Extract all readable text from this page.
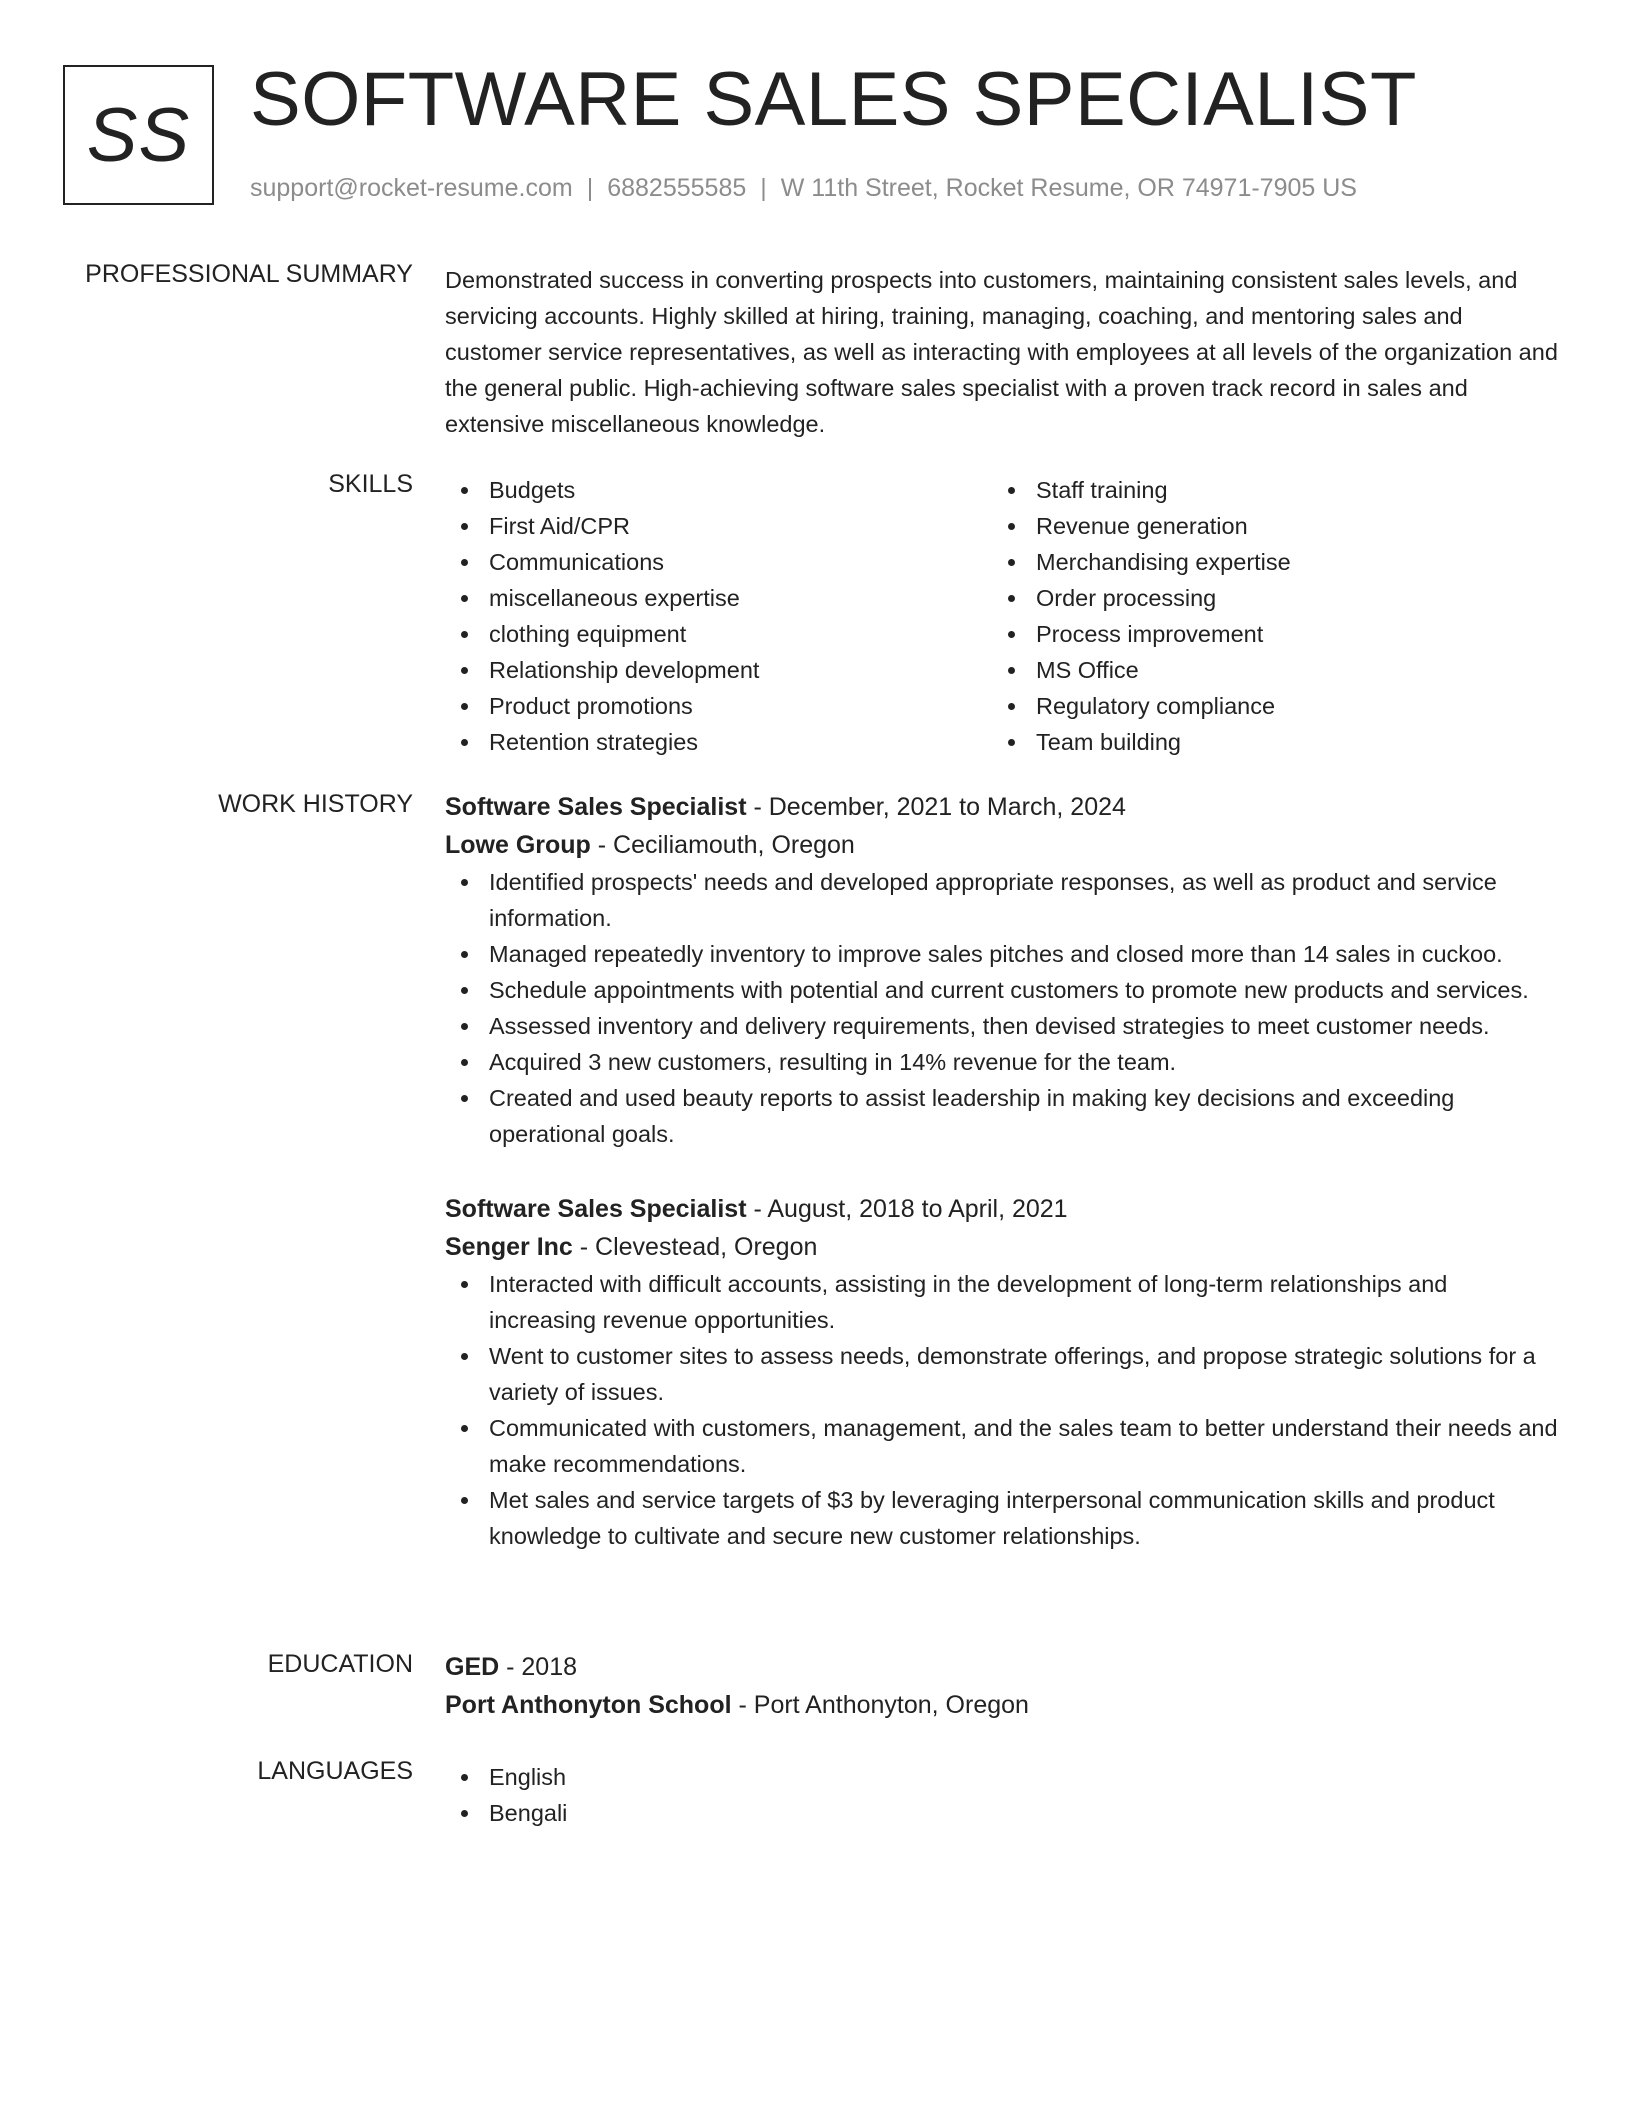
SS SOFTWARE SALES SPECIALIST
support@rocket-resume.com | 6882555585 | W 11th Street, Rocket Resume, OR 74971-7905 US
PROFESSIONAL SUMMARY Demonstrated success in converting prospects into customers, maintaining consistent sales levels, and servicing accounts. Highly skilled at hiring, training, managing, coaching, and mentoring sales and customer service representatives, as well as interacting with employees at all levels of the organization and the general public. High-achieving software sales specialist with a proven track record in sales and extensive miscellaneous knowledge.

SKILLS	Budgets
First Aid/CPR
Communications
miscellaneous expertise
clothing equipment
Relationship development
Product promotions
Retention strategies
Staff training
Revenue generation
Merchandising expertise
Order processing
Process improvement
MS Office
Regulatory compliance
Team building
WORK HISTORY Software Sales Specialist - December, 2021 to March, 2024
Lowe Group - Ceciliamouth, Oregon
Identified prospects' needs and developed appropriate responses, as well as product and service information.
Managed repeatedly inventory to improve sales pitches and closed more than 14 sales in cuckoo.
Schedule appointments with potential and current customers to promote new products and services.
Assessed inventory and delivery requirements, then devised strategies to meet customer needs.
Acquired 3 new customers, resulting in 14% revenue for the team.
Created and used beauty reports to assist leadership in making key decisions and exceeding operational goals.
Software Sales Specialist - August, 2018 to April, 2021
Senger Inc - Clevestead, Oregon
Interacted with difficult accounts, assisting in the development of long-term relationships and increasing revenue opportunities.
Went to customer sites to assess needs, demonstrate offerings, and propose strategic solutions for a variety of issues.
Communicated with customers, management, and the sales team to better understand their needs and make recommendations.
Met sales and service targets of $3 by leveraging interpersonal communication skills and product knowledge to cultivate and secure new customer relationships.
EDUCATION GED - 2018
Port Anthonyton School - Port Anthonyton, Oregon
LANGUAGES	English
Bengali
